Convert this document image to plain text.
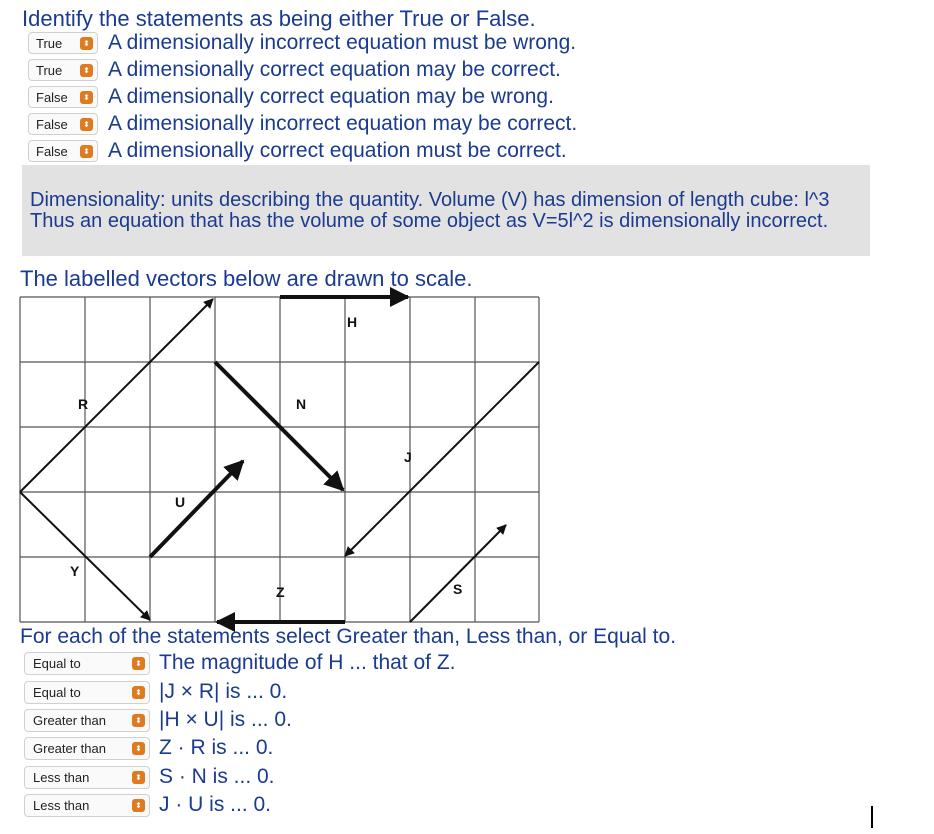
Identify the statements as being either True or False.
True	⬍ A dimensionally incorrect equation must be wrong.
True	⬍ A dimensionally correct equation may be correct.
False	⬍ A dimensionally correct equation may be wrong.
False	⬍ A dimensionally incorrect equation may be correct.
False	⬍ A dimensionally correct equation must be correct.
Dimensionality: units describing the quantity. Volume (V) has dimension of length cube: l^3 Thus an equation that has the volume of some object as V=5l^2 is dimensionally incorrect.
The labelled vectors below are drawn to scale.
H
R	N
J
U
Y
Z	S
For each of the statements select Greater than, Less than, or Equal to.
Equal to	⬍ The magnitude of H ... that of Z.
Equal to	⬍ |J × R| is ... 0.
Greater than	⬍ |H × U| is ... 0.
Greater than	⬍ Z · R is ... 0.
Less than	⬍ S · N is ... 0.
Less than	⬍ J · U is ... 0.
